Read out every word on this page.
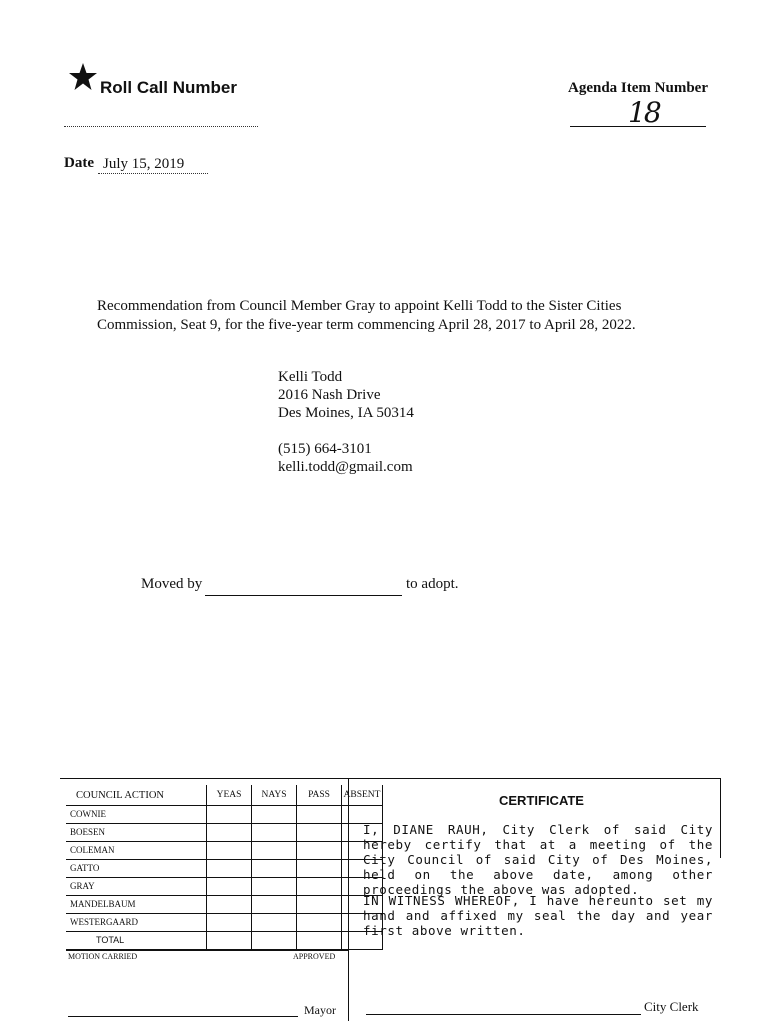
Roll Call Number	Agenda Item Number
18
Date July 15, 2019
Recommendation from Council Member Gray to appoint Kelli Todd to the Sister Cities Commission, Seat 9, for the five-year term commencing April 28, 2017 to April 28, 2022.
Kelli Todd
2016 Nash Drive
Des Moines, IA 50314
(515) 664-3101
kelli.todd@gmail.com
Moved by	to adopt.
COUNCIL ACTION	YEAS	NAYS	PASS	ABSENT
COWNIE				
BOESEN				
COLEMAN				
GATTO				
GRAY				
MANDELBAUM				
WESTERGAARD				
TOTAL				
MOTION CARRIED	APPROVED
Mayor
CERTIFICATE
I, DIANE RAUH, City Clerk of said City hereby certify that at a meeting of the City Council of said City of Des Moines, held on the above date, among other proceedings the above was adopted.
IN WITNESS WHEREOF, I have hereunto set my hand and affixed my seal the day and year first above written.
City Clerk
